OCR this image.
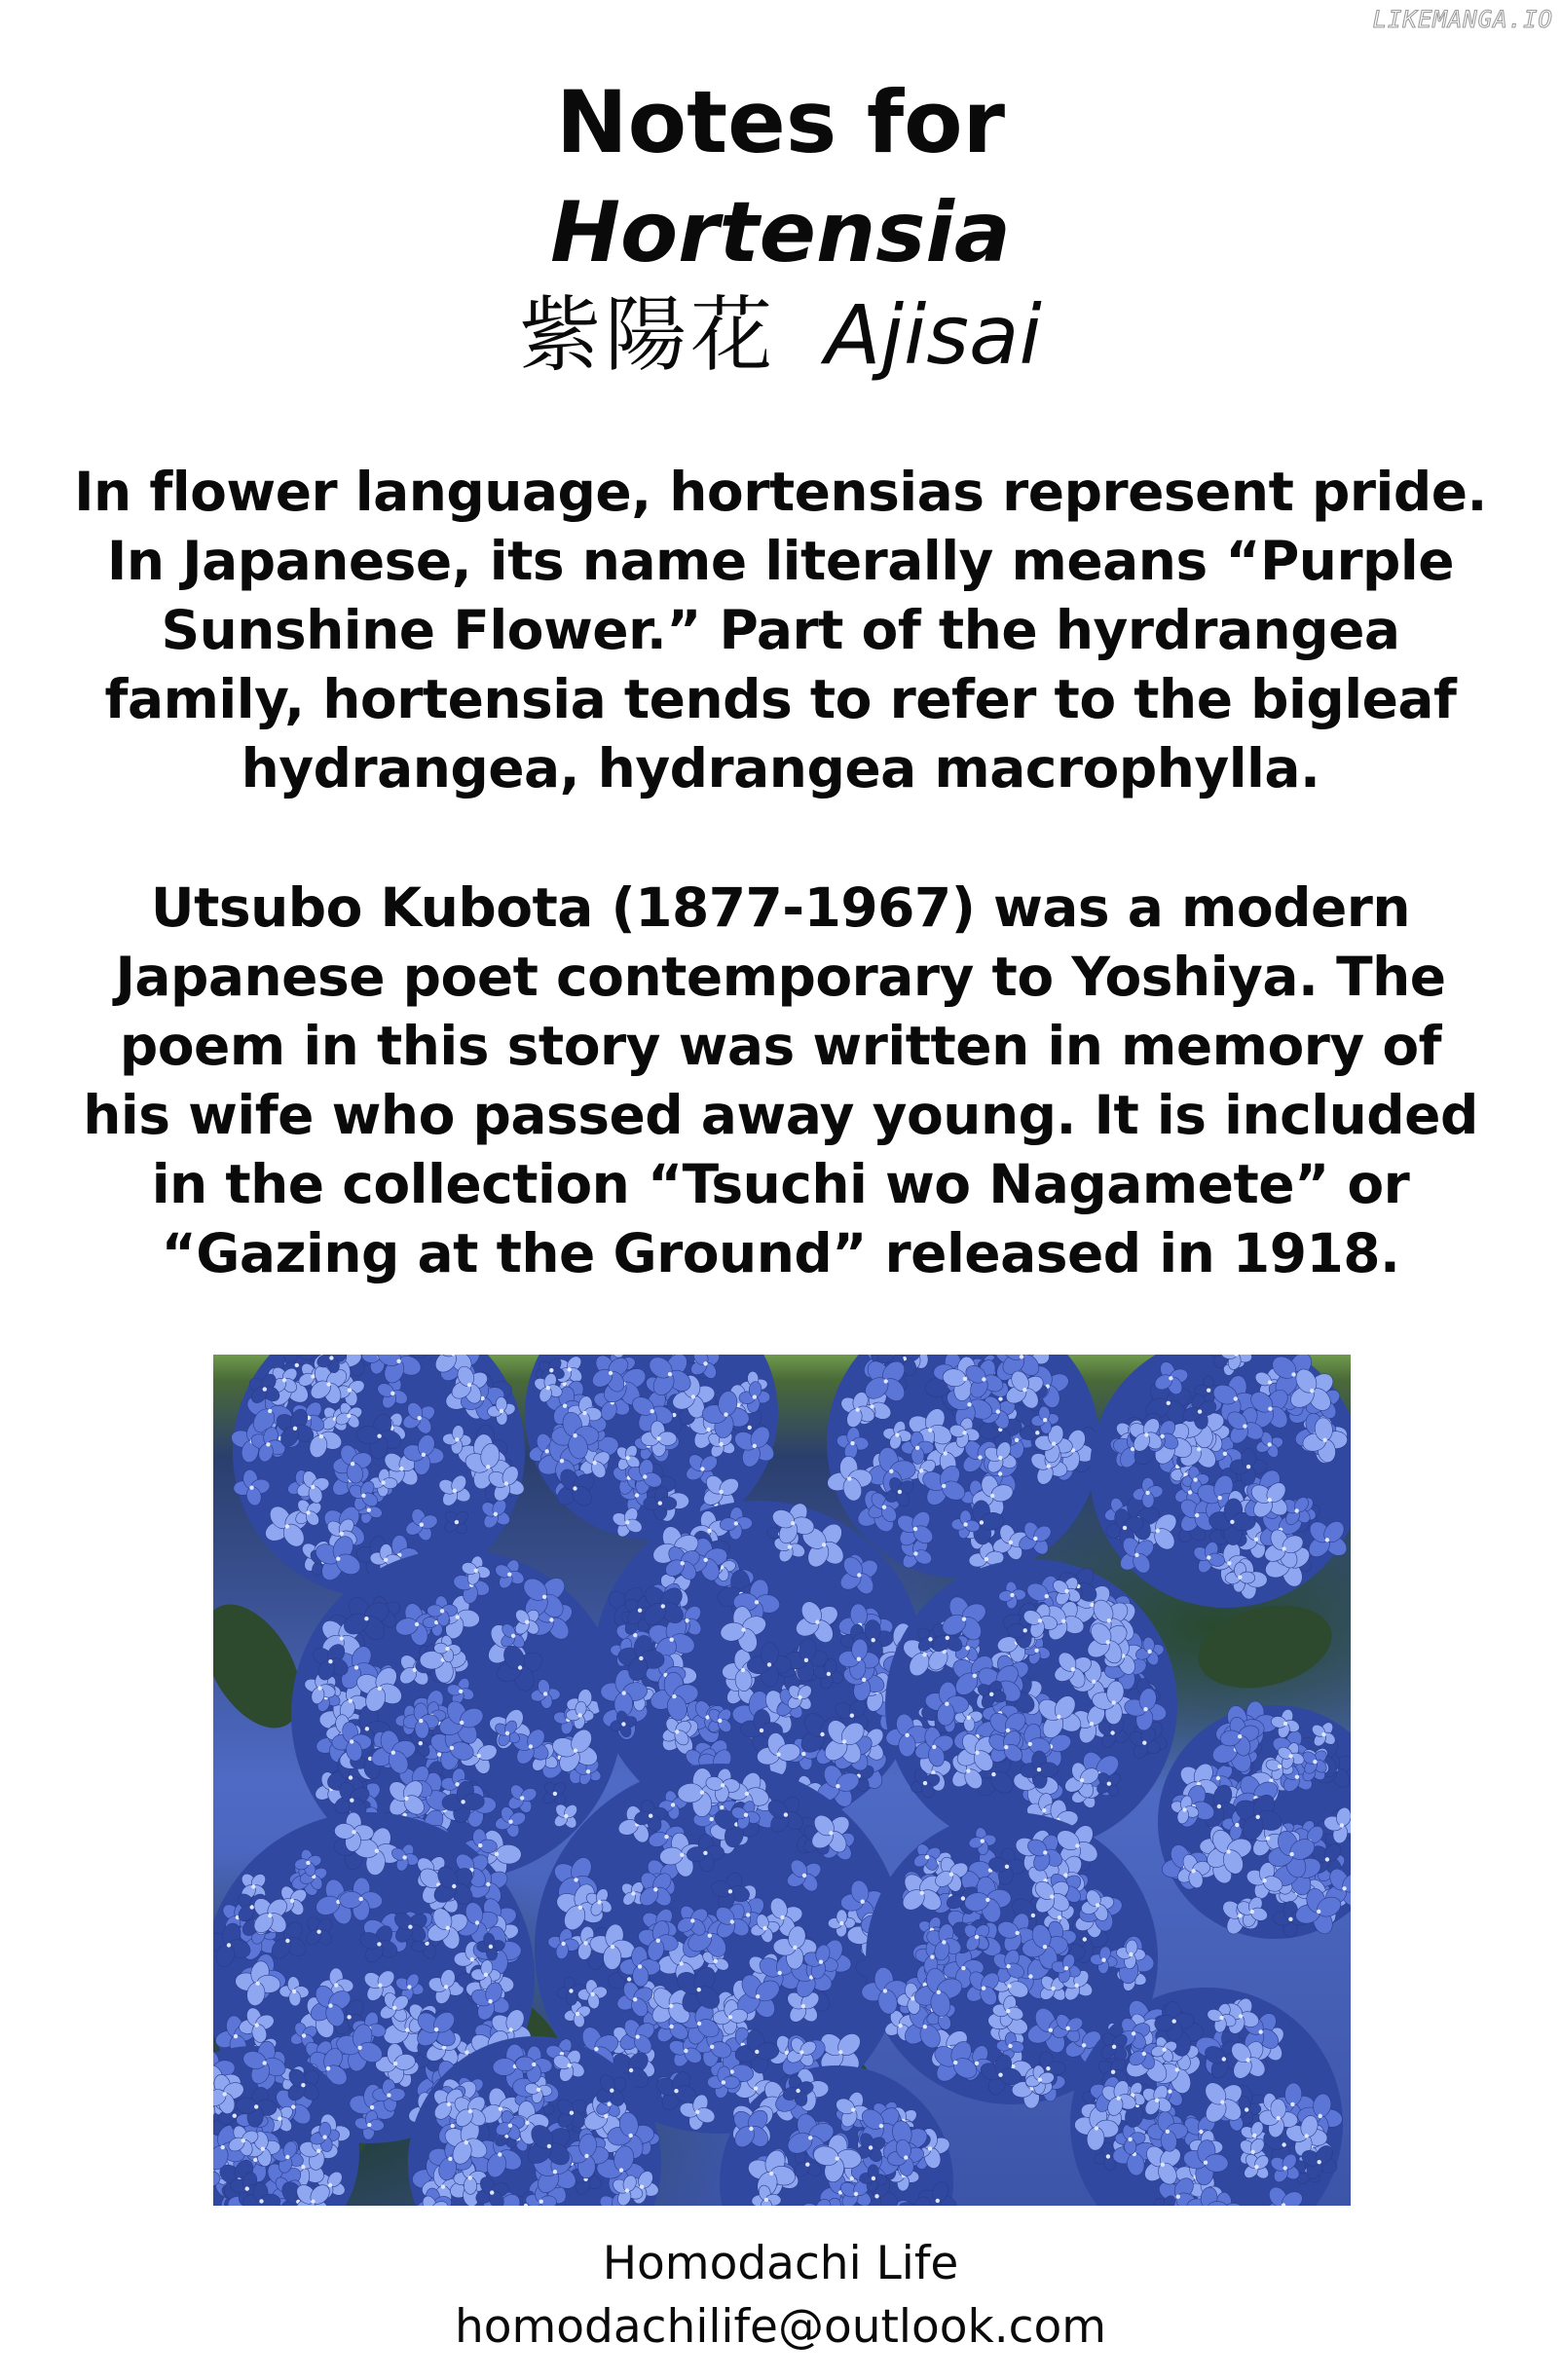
LIKEMANGA.IO
Notes for
Hortensia
紫陽花 Ajisai
In flower language, hortensias represent pride.
In Japanese, its name literally means “Purple
Sunshine Flower.” Part of the hyrdrangea
family, hortensia tends to refer to the bigleaf
hydrangea, hydrangea macrophylla.
Utsubo Kubota (1877-1967) was a modern
Japanese poet contemporary to Yoshiya. The
poem in this story was written in memory of
his wife who passed away young. It is included
in the collection “Tsuchi wo Nagamete” or
“Gazing at the Ground” released in 1918.
Homodachi Life
homodachilife@outlook.com
